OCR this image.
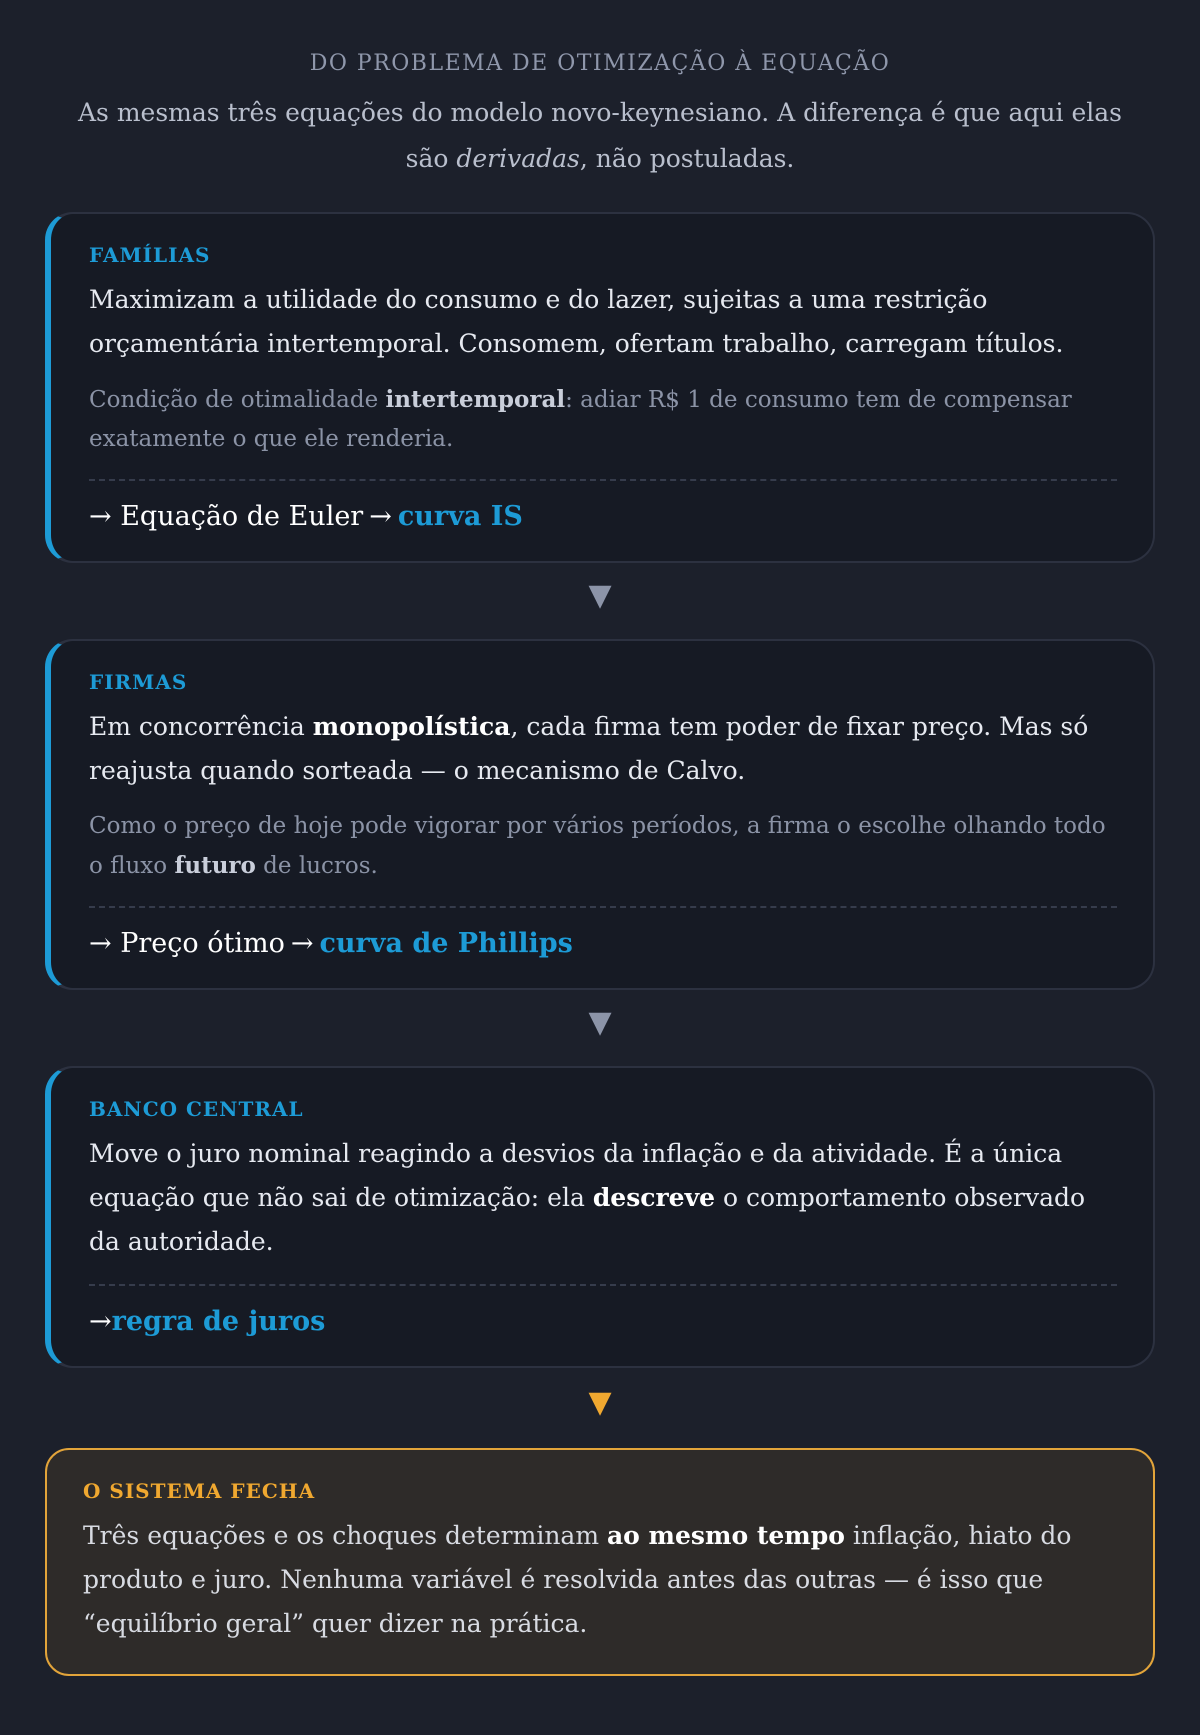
DO PROBLEMA DE OTIMIZAÇÃO À EQUAÇÃO

As mesmas três equações do modelo novo-keynesiano. A diferença é que aqui elas são derivadas, não postuladas.

FAMÍLIAS

Maximizam a utilidade do consumo e do lazer, sujeitas a uma restrição orçamentária intertemporal. Consomem, ofertam trabalho, carregam títulos.

Condição de otimalidade intertemporal: adiar R$ 1 de consumo tem de compensar exatamente o que ele renderia.

→ Equação de Euler → curva IS

▼

FIRMAS

Em concorrência monopolística, cada firma tem poder de fixar preço. Mas só reajusta quando sorteada — o mecanismo de Calvo.

Como o preço de hoje pode vigorar por vários períodos, a firma o escolhe olhando todo o fluxo futuro de lucros.

→ Preço ótimo → curva de Phillips

▼

BANCO CENTRAL

Move o juro nominal reagindo a desvios da inflação e da atividade. É a única equação que não sai de otimização: ela descreve o comportamento observado da autoridade.

→regra de juros

▼

O SISTEMA FECHA

Três equações e os choques determinam ao mesmo tempo inflação, hiato do produto e juro. Nenhuma variável é resolvida antes das outras — é isso que “equilíbrio geral” quer dizer na prática.
